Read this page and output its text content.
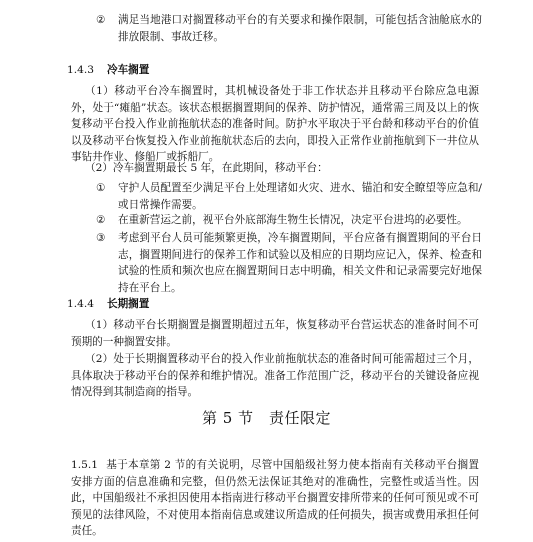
②	满足当地港口对搁置移动平台的有关要求和操作限制，可能包括含油舱底水的排放限制、事故迁移。
1.4.3	冷车搁置

（1）移动平台冷车搁置时，其机械设备处于非工作状态并且移动平台除应急电源外，处于“瘫船”状态。该状态根据搁置期间的保养、防护情况，通常需三周及以上的恢复移动平台投入作业前拖航状态的准备时间。防护水平取决于平台龄和移动平台的价值以及移动平台恢复投入作业前拖航状态后的去向，即投入正常作业前拖航到下一井位从事钻井作业、修船厂或拆船厂。

（2）冷车搁置期最长 5 年，在此期间，移动平台：

①	守护人员配置至少满足平台上处理诸如火灾、进水、锚泊和安全瞭望等应急和/或日常操作需要。
②	在重新营运之前，视平台外底部海生物生长情况，决定平台进坞的必要性。
③	考虑到平台人员可能频繁更换，冷车搁置期间，平台应备有搁置期间的平台日志，搁置期间进行的保养工作和试验以及相应的日期均应记入，保养、检查和试验的性质和频次也应在搁置期间日志中明确，相关文件和记录需要完好地保持在平台上。
1.4.4	长期搁置

（1）移动平台长期搁置是搁置期超过五年，恢复移动平台营运状态的准备时间不可预期的一种搁置安排。

（2）处于长期搁置移动平台的投入作业前拖航状态的准备时间可能需超过三个月，具体取决于移动平台的保养和维护情况。准备工作范围广泛，移动平台的关键设备应视情况得到其制造商的指导。

第 5 节　责任限定

1.5.1 基于本章第 2 节的有关说明，尽管中国船级社努力使本指南有关移动平台搁置安排方面的信息准确和完整，但仍然无法保证其绝对的准确性，完整性或适当性。因此，中国船级社不承担因使用本指南进行移动平台搁置安排所带来的任何可预见或不可预见的法律风险，不对使用本指南信息或建议所造成的任何损失，损害或费用承担任何责任。
